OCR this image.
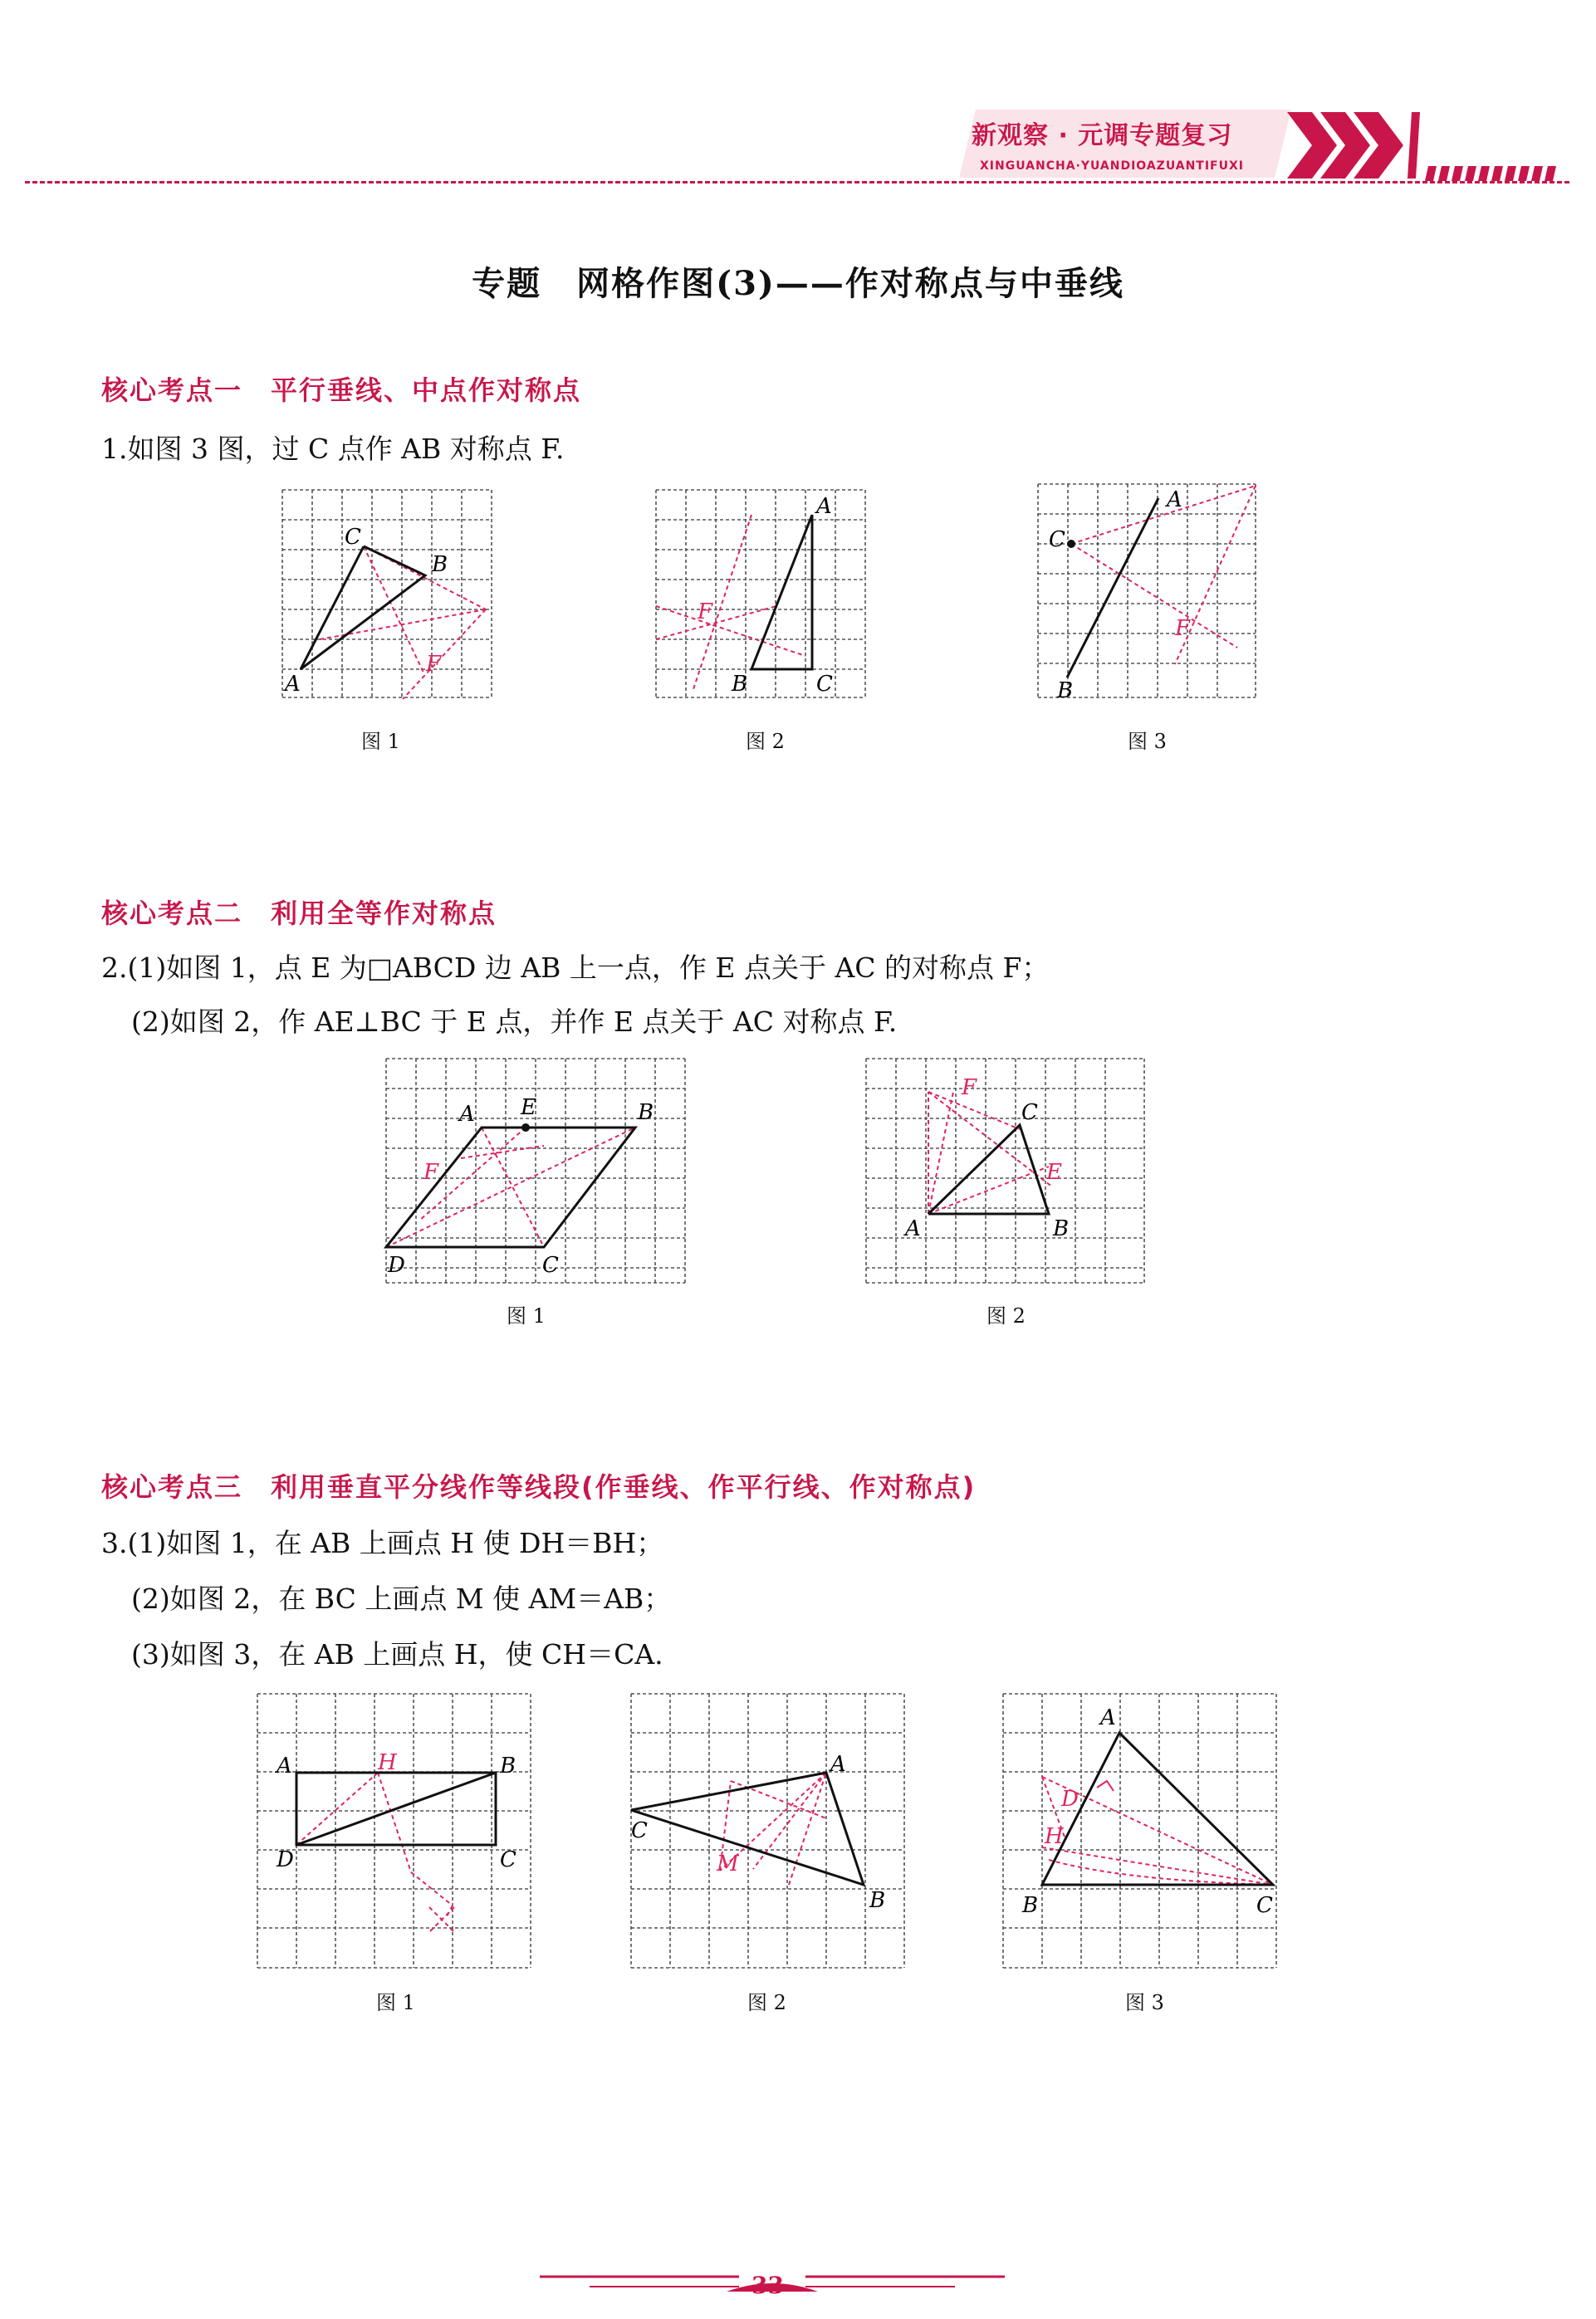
新观察 · 元调专题复习
XINGUANCHA·YUANDIOAZUANTIFUXI
专题　网格作图(3)——作对称点与中垂线
核心考点一　平行垂线、中点作对称点
1.如图 3 图，过 C 点作 AB 对称点 F.
C
B
A
F
图 1
A
F
B	C
图 2
C
A
F
B
图 3
核心考点二　利用全等作对称点
2.(1)如图 1，点 E 为□ABCD 边 AB 上一点，作 E 点关于 AC 的对称点 F；
(2)如图 2，作 AE⊥BC 于 E 点，并作 E 点关于 AC 对称点 F.
A E	B
F
D	C
图 1
F
C
E
A	B
图 2
核心考点三　利用垂直平分线作等线段(作垂线、作平行线、作对称点)
3.(1)如图 1，在 AB 上画点 H 使 DH＝BH；
(2)如图 2，在 BC 上画点 M 使 AM＝AB；
(3)如图 3，在 AB 上画点 H，使 CH＝CA.
A	H	B
D	C
图 1
A
C
M
B
图 2
A
D
H
B	C
图 3
33
